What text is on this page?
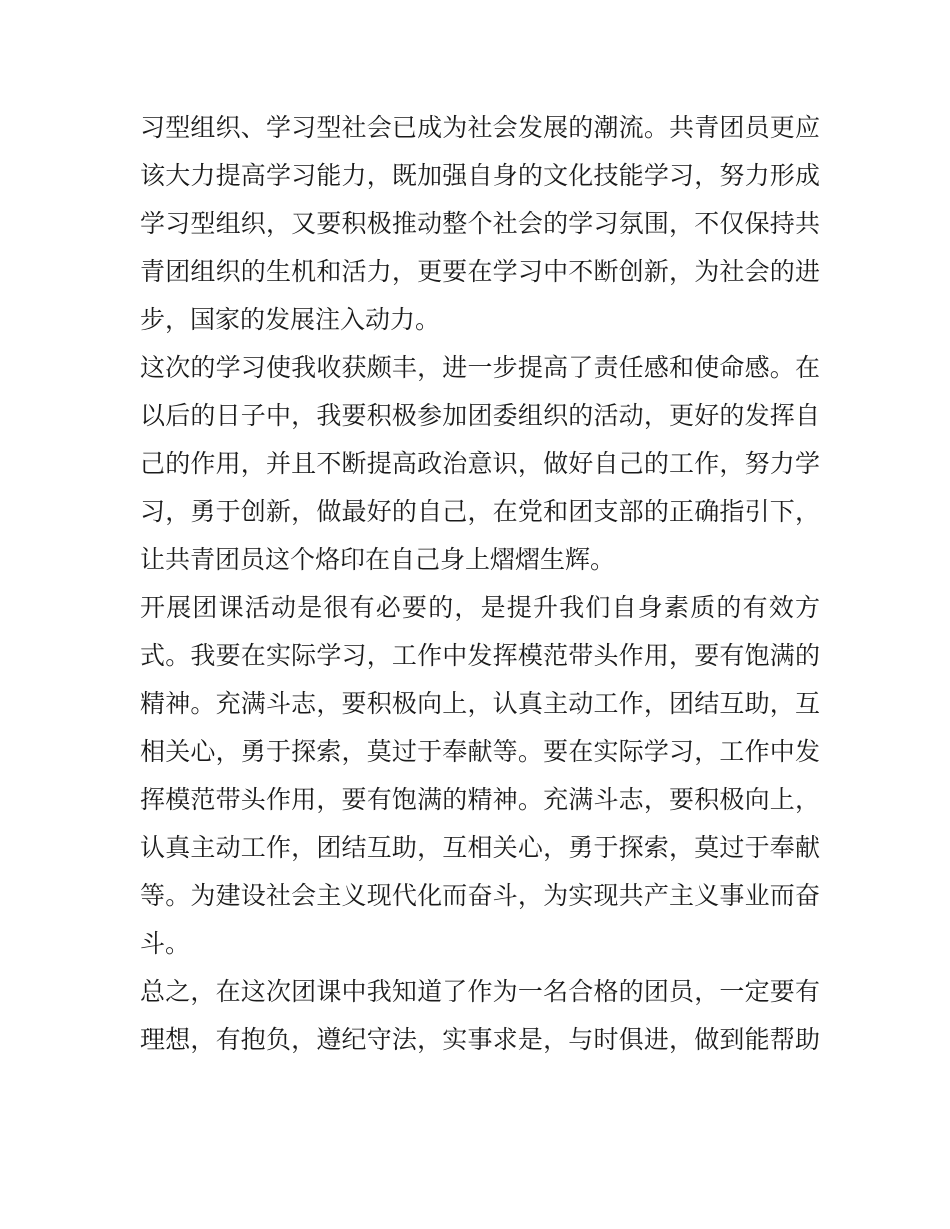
习型组织、学习型社会已成为社会发展的潮流。共青团员更应
该大力提高学习能力，既加强自身的文化技能学习，努力形成
学习型组织，又要积极推动整个社会的学习氛围，不仅保持共
青团组织的生机和活力，更要在学习中不断创新，为社会的进
步，国家的发展注入动力。
这次的学习使我收获颇丰，进一步提高了责任感和使命感。在
以后的日子中，我要积极参加团委组织的活动，更好的发挥自
己的作用，并且不断提高政治意识，做好自己的工作，努力学
习，勇于创新，做最好的自己，在党和团支部的正确指引下，
让共青团员这个烙印在自己身上熠熠生辉。
开展团课活动是很有必要的，是提升我们自身素质的有效方
式。我要在实际学习，工作中发挥模范带头作用，要有饱满的
精神。充满斗志，要积极向上，认真主动工作，团结互助，互
相关心，勇于探索，莫过于奉献等。要在实际学习，工作中发
挥模范带头作用，要有饱满的精神。充满斗志，要积极向上，
认真主动工作，团结互助，互相关心，勇于探索，莫过于奉献
等。为建设社会主义现代化而奋斗，为实现共产主义事业而奋
斗。
总之，在这次团课中我知道了作为一名合格的团员，一定要有
理想，有抱负，遵纪守法，实事求是，与时俱进，做到能帮助
